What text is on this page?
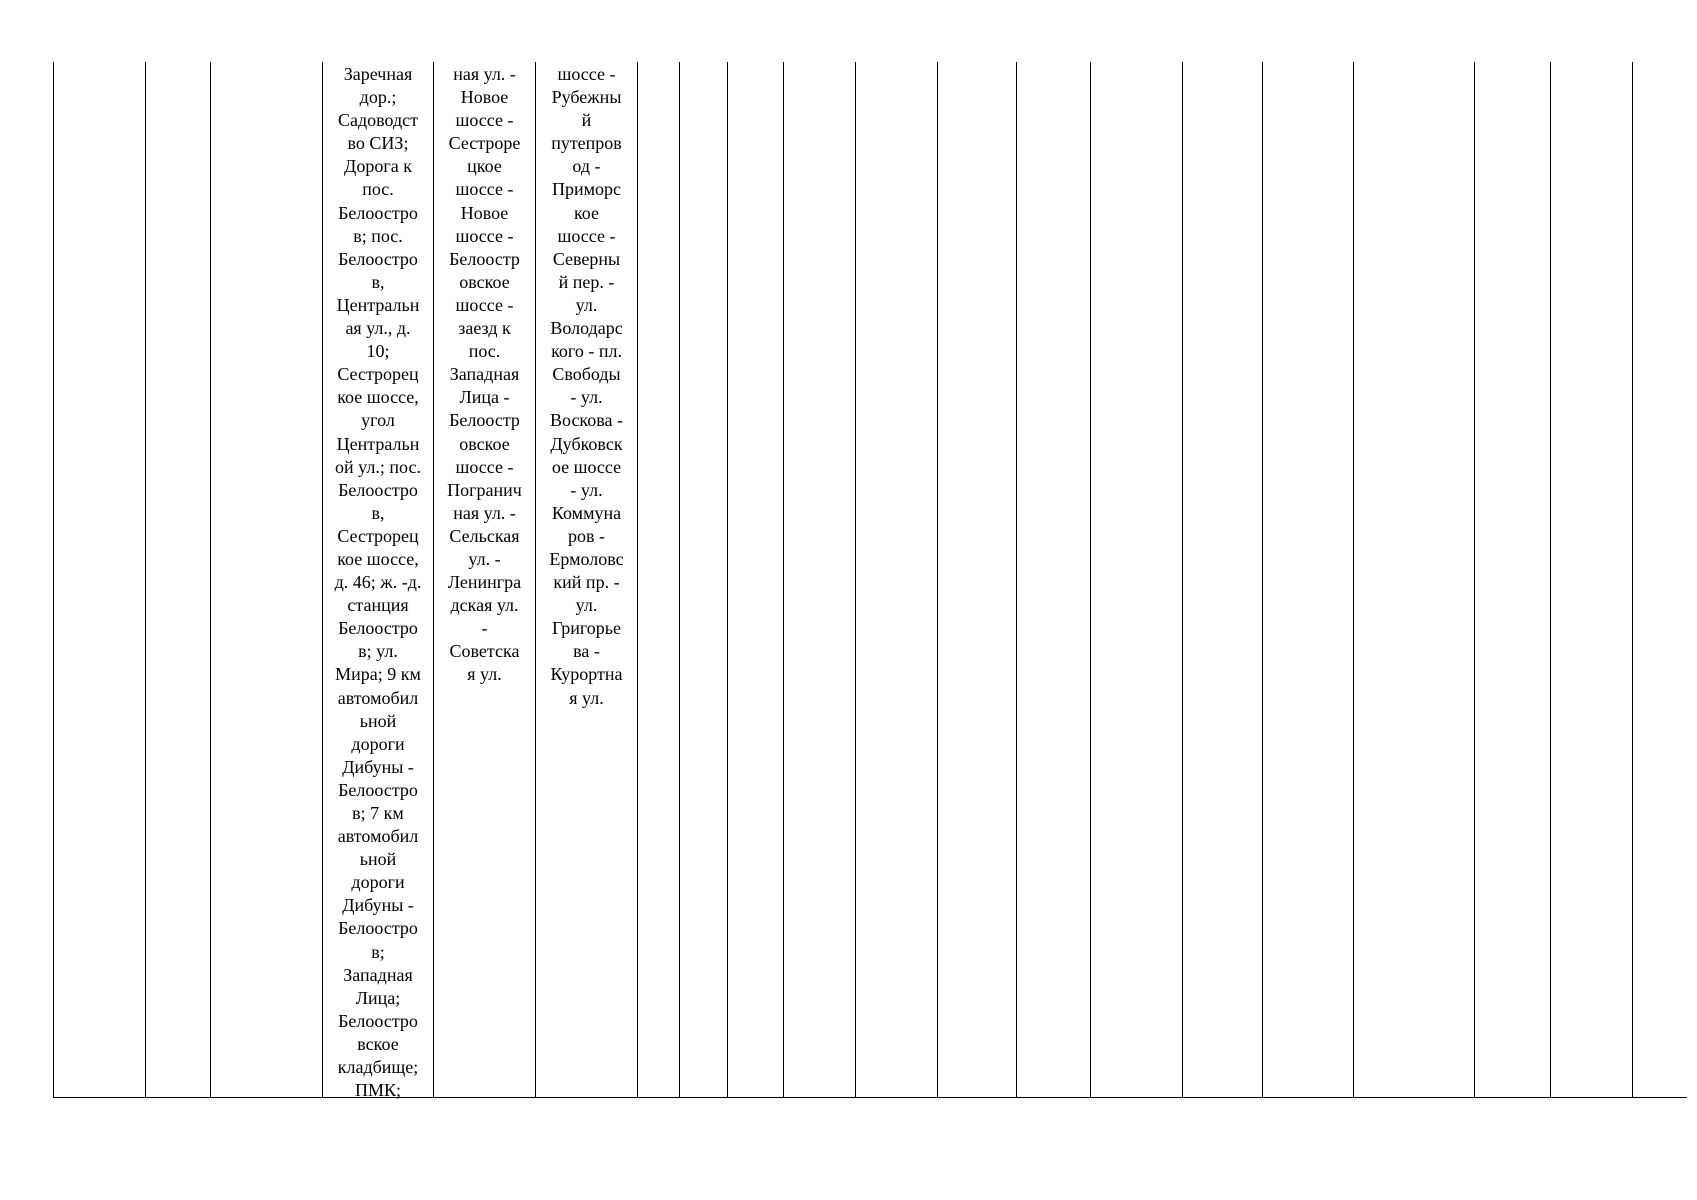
Заречная
дор.;
Садоводст
во СИЗ;
Дорога к
пос.
Белоостро
в; пос.
Белоостро
в,
Центральн
ая ул., д.
10;
Сестрорец
кое шоссе,
угол
Центральн
ой ул.; пос.
Белоостро
в,
Сестрорец
кое шоссе,
д. 46; ж. -д.
станция
Белоостро
в; ул.
Мира; 9 км
автомобил
ьной
дороги
Дибуны -
Белоостро
в; 7 км
автомобил
ьной
дороги
Дибуны -
Белоостро
в;
Западная
Лица;
Белоостро
вское
кладбище;
ПМК;
ная ул. -
Новое
шоссе -
Сестроре
цкое
шоссе -
Новое
шоссе -
Белоостр
овское
шоссе -
заезд к
пос.
Западная
Лица -
Белоостр
овское
шоссе -
Погранич
ная ул. -
Сельская
ул. -
Ленингра
дская ул.
-
Советска
я ул.
шоссе -
Рубежны
й
путепров
од -
Приморс
кое
шоссе -
Северны
й пер. -
ул.
Володарс
кого - пл.
Свободы
- ул.
Воскова -
Дубковск
ое шоссе
- ул.
Коммуна
ров -
Ермоловс
кий пр. -
ул.
Григорье
ва -
Курортна
я ул.
